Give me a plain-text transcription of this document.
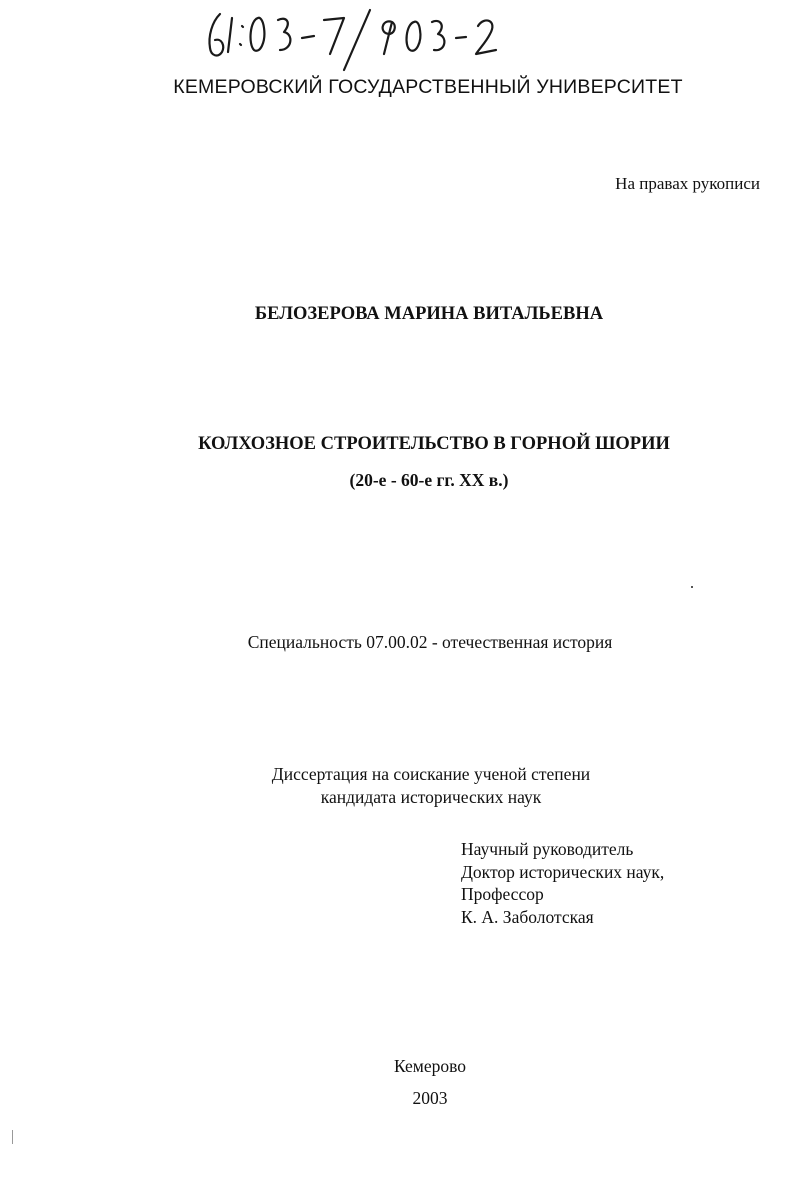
КЕМЕРОВСКИЙ ГОСУДАРСТВЕННЫЙ УНИВЕРСИТЕТ
На правах рукописи
БЕЛОЗЕРОВА МАРИНА ВИТАЛЬЕВНА
КОЛХОЗНОЕ СТРОИТЕЛЬСТВО В ГОРНОЙ ШОРИИ
(20-е - 60-е гг. XX в.)
Специальность 07.00.02 - отечественная история
Диссертация на соискание ученой степени
кандидата исторических наук
Научный руководитель
Доктор исторических наук,
Профессор
К. А. Заболотская
Кемерово
2003
